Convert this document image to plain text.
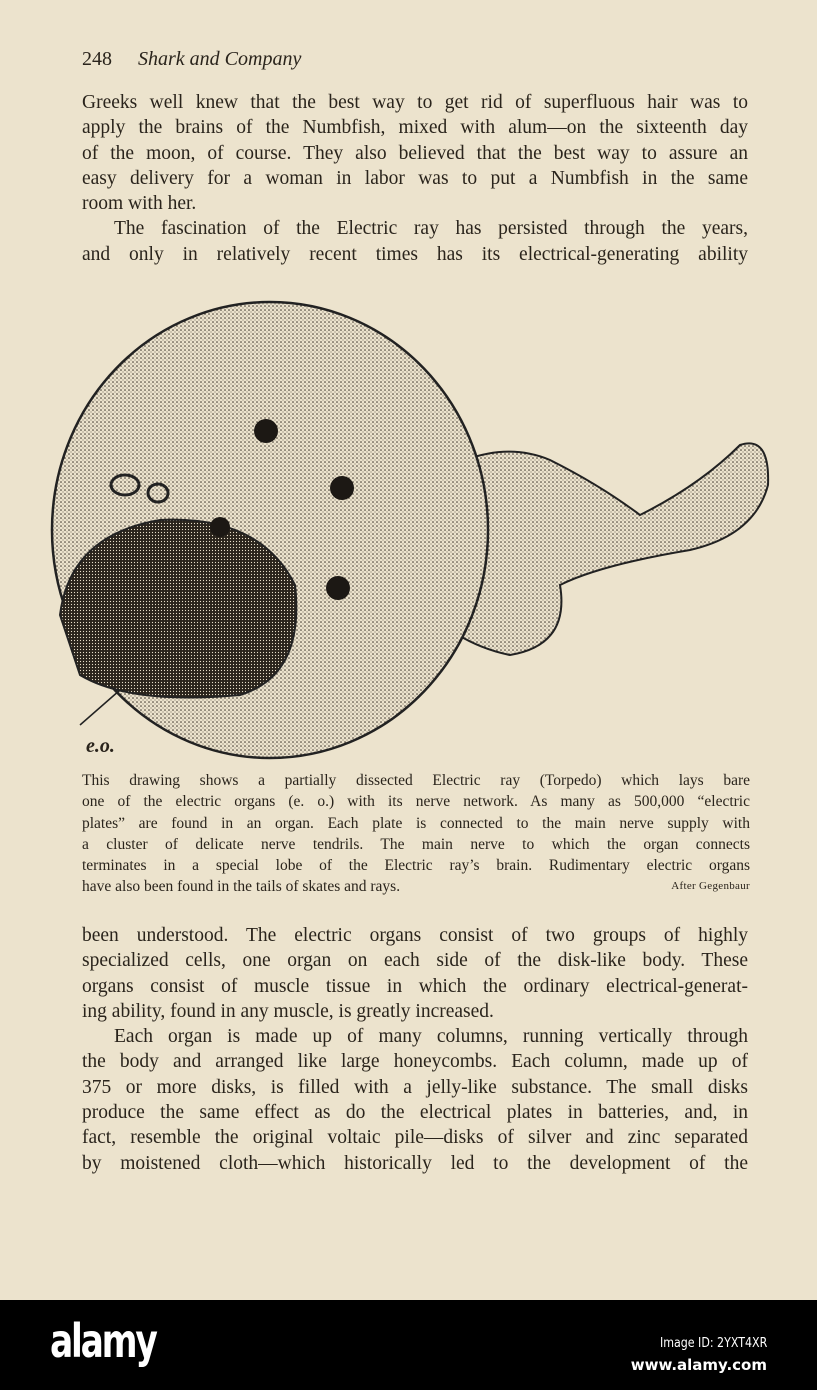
248 Shark and Company
Greeks well knew that the best way to get rid of superfluous hair was to
apply the brains of the Numbfish, mixed with alum—on the sixteenth day
of the moon, of course. They also believed that the best way to assure an
easy delivery for a woman in labor was to put a Numbfish in the same
room with her.
The fascination of the Electric ray has persisted through the years,
and only in relatively recent times has its electrical-generating ability
e.o.
This drawing shows a partially dissected Electric ray (Torpedo) which lays bare
one of the electric organs (e. o.) with its nerve network. As many as 500,000 “electric
plates” are found in an organ. Each plate is connected to the main nerve supply with
a cluster of delicate nerve tendrils. The main nerve to which the organ connects
terminates in a special lobe of the Electric ray’s brain. Rudimentary electric organs
have also been found in the tails of skates and rays.	After Gegenbaur
been understood. The electric organs consist of two groups of highly
specialized cells, one organ on each side of the disk-like body. These
organs consist of muscle tissue in which the ordinary electrical-generat-
ing ability, found in any muscle, is greatly increased.
Each organ is made up of many columns, running vertically through
the body and arranged like large honeycombs. Each column, made up of
375 or more disks, is filled with a jelly-like substance. The small disks
produce the same effect as do the electrical plates in batteries, and, in
fact, resemble the original voltaic pile—disks of silver and zinc separated
by moistened cloth—which historically led to the development of the
alamy	Image ID: 2YXT4XR
www.alamy.com
